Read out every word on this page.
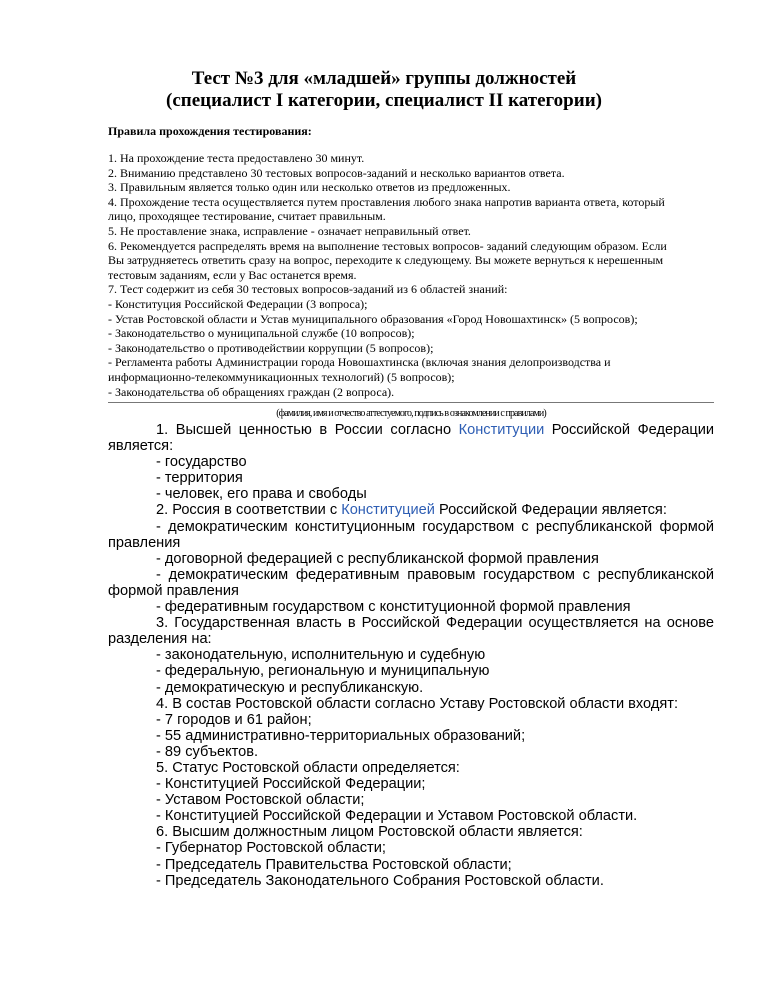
Тест №3 для «младшей» группы должностей
(специалист I категории, специалист II категории)
Правила прохождения тестирования:
1. На прохождение теста предоставлено 30 минут.
2. Вниманию представлено 30 тестовых вопросов-заданий и несколько вариантов ответа.
3. Правильным является только один или несколько ответов из предложенных.
4. Прохождение теста осуществляется путем проставления любого знака напротив варианта ответа, который
лицо, проходящее тестирование, считает правильным.
5. Не проставление знака, исправление - означает неправильный ответ.
6. Рекомендуется распределять время на выполнение тестовых вопросов- заданий следующим образом. Если
Вы затрудняетесь ответить сразу на вопрос, переходите к следующему. Вы можете вернуться к нерешенным
тестовым заданиям, если у Вас останется время.
7. Тест содержит из себя 30 тестовых вопросов-заданий из 6 областей знаний:
- Конституция Российской Федерации (3 вопроса);
- Устав Ростовской области и Устав муниципального образования «Город Новошахтинск» (5 вопросов);
- Законодательство о муниципальной службе (10 вопросов);
- Законодательство о противодействии коррупции (5 вопросов);
- Регламента работы Администрации города Новошахтинска (включая знания делопроизводства и
информационно-телекоммуникационных технологий) (5 вопросов);
- Законодательства об обращениях граждан (2 вопроса).
(фамилия, имя и отчество аттестуемого, подпись в ознакомлении с правилами)
1. Высшей ценностью в России согласно Конституции Российской Федерации является:
- государство
- территория
- человек, его права и свободы
2. Россия в соответствии с Конституцией Российской Федерации является:
- демократическим конституционным государством с республиканской формой правления
- договорной федерацией с республиканской формой правления
- демократическим федеративным правовым государством с республиканской формой правления
- федеративным государством с конституционной формой правления
3. Государственная власть в Российской Федерации осуществляется на основе разделения на:
- законодательную, исполнительную и судебную
- федеральную, региональную и муниципальную
- демократическую и республиканскую.
4. В состав Ростовской области согласно Уставу Ростовской области входят:
- 7 городов и 61 район;
- 55 административно-территориальных образований;
- 89 субъектов.
5. Статус Ростовской области определяется:
- Конституцией Российской Федерации;
- Уставом Ростовской области;
- Конституцией Российской Федерации и Уставом Ростовской области.
6. Высшим должностным лицом Ростовской области является:
- Губернатор Ростовской области;
- Председатель Правительства Ростовской области;
- Председатель Законодательного Собрания Ростовской области.
